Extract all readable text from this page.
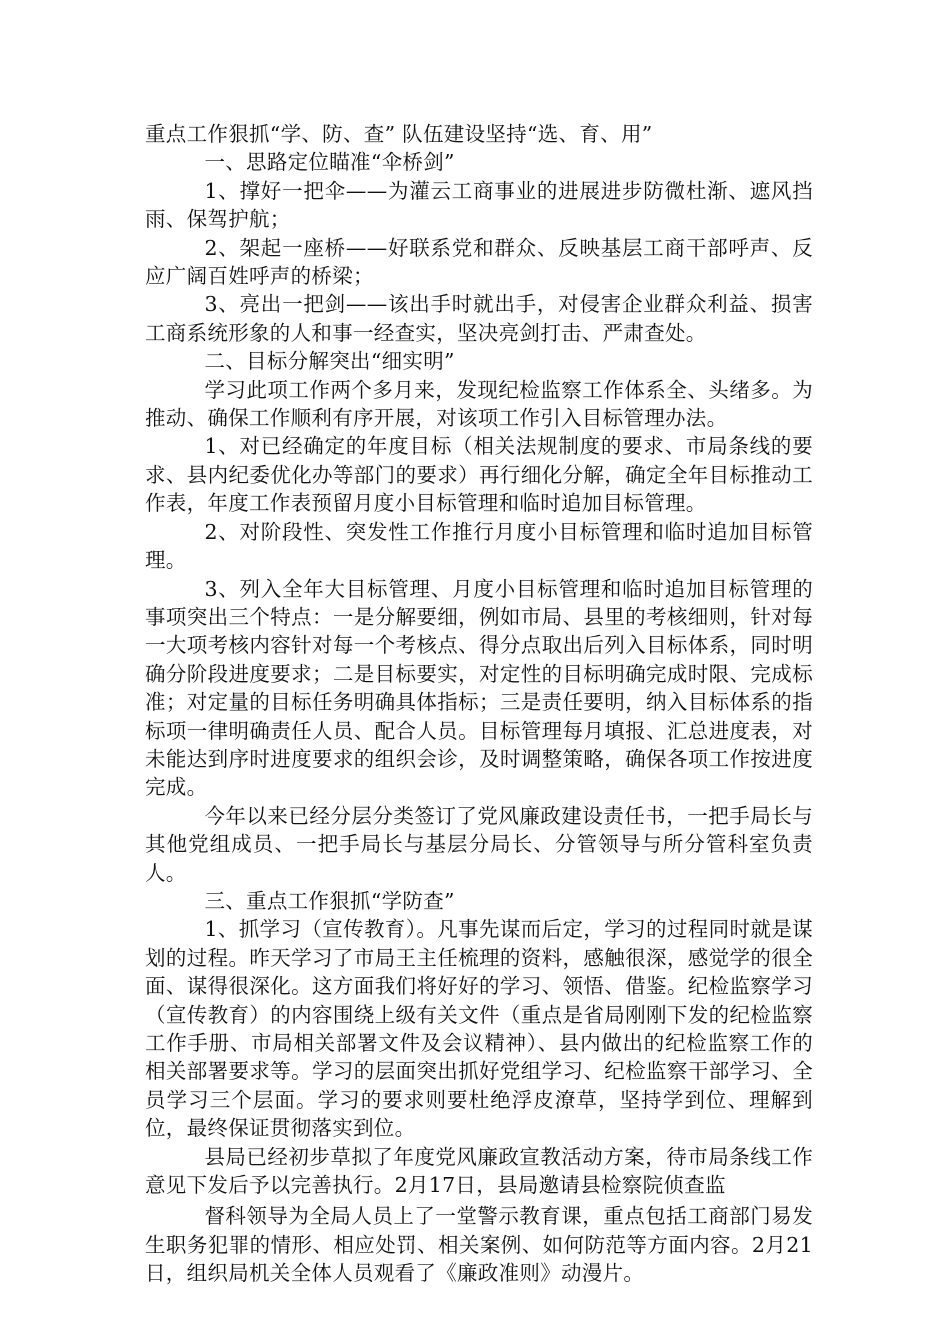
重点工作狠抓“学、防、查” 队伍建设坚持“选、育、用”

一、思路定位瞄准“伞桥剑”

1、撑好一把伞——为灌云工商事业的进展进步防微杜渐、遮风挡雨、保驾护航；

2、架起一座桥——好联系党和群众、反映基层工商干部呼声、反应广阔百姓呼声的桥梁；

3、亮出一把剑——该出手时就出手，对侵害企业群众利益、损害工商系统形象的人和事一经查实，坚决亮剑打击、严肃查处。

二、目标分解突出“细实明”

学习此项工作两个多月来，发现纪检监察工作体系全、头绪多。为推动、确保工作顺利有序开展，对该项工作引入目标管理办法。

1、对已经确定的年度目标（相关法规制度的要求、市局条线的要求、县内纪委优化办等部门的要求）再行细化分解，确定全年目标推动工作表，年度工作表预留月度小目标管理和临时追加目标管理。

2、对阶段性、突发性工作推行月度小目标管理和临时追加目标管理。

3、列入全年大目标管理、月度小目标管理和临时追加目标管理的事项突出三个特点：一是分解要细，例如市局、县里的考核细则，针对每一大项考核内容针对每一个考核点、得分点取出后列入目标体系，同时明确分阶段进度要求；二是目标要实，对定性的目标明确完成时限、完成标准；对定量的目标任务明确具体指标；三是责任要明，纳入目标体系的指标项一律明确责任人员、配合人员。目标管理每月填报、汇总进度表，对未能达到序时进度要求的组织会诊，及时调整策略，确保各项工作按进度完成。

今年以来已经分层分类签订了党风廉政建设责任书，一把手局长与其他党组成员、一把手局长与基层分局长、分管领导与所分管科室负责人。

三、重点工作狠抓“学防查”

1、抓学习（宣传教育）。凡事先谋而后定，学习的过程同时就是谋划的过程。昨天学习了市局王主任梳理的资料，感触很深，感觉学的很全面、谋得很深化。这方面我们将好好的学习、领悟、借鉴。纪检监察学习（宣传教育）的内容围绕上级有关文件（重点是省局刚刚下发的纪检监察工作手册、市局相关部署文件及会议精神）、县内做出的纪检监察工作的相关部署要求等。学习的层面突出抓好党组学习、纪检监察干部学习、全员学习三个层面。学习的要求则要杜绝浮皮潦草，坚持学到位、理解到位，最终保证贯彻落实到位。

县局已经初步草拟了年度党风廉政宣教活动方案，待市局条线工作意见下发后予以完善执行。2月17日，县局邀请县检察院侦查监

督科领导为全局人员上了一堂警示教育课，重点包括工商部门易发生职务犯罪的情形、相应处罚、相关案例、如何防范等方面内容。2月21日，组织局机关全体人员观看了《廉政准则》动漫片。
